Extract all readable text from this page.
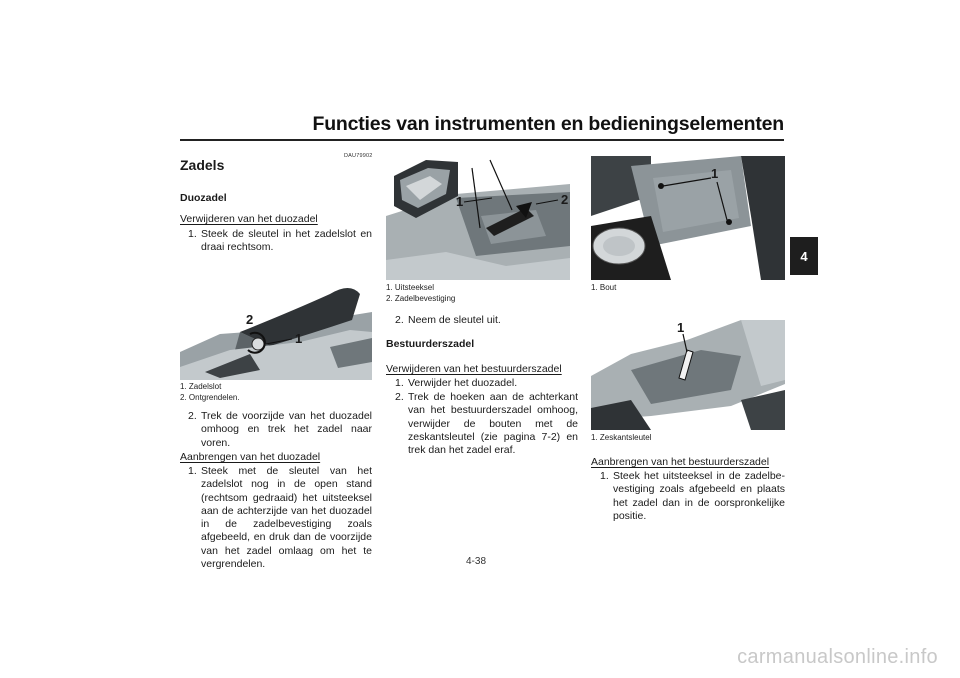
Functies van instrumenten en bedieningselementen
4
DAU79902
Zadels
Duozadel
Verwijderen van het duozadel
1. Steek de sleutel in het zadelslot en draai rechtsom.
2
1
1. Zadelslot
2. Ontgrendelen.
2. Trek de voorzijde van het duozadel omhoog en trek het zadel naar voren.
Aanbrengen van het duozadel
1. Steek met de sleutel van het zadelslot nog in de open stand (rechtsom gedraaid) het uitsteeksel aan de achterzijde van het duozadel in de zadelbevestiging zoals afgebeeld, en druk dan de voorzijde van het zadel omlaag om het te vergrendelen.
1	2
1. Uitsteeksel
2. Zadelbevestiging
2. Neem de sleutel uit.
Bestuurderszadel
Verwijderen van het bestuurderszadel
1. Verwijder het duozadel.
2. Trek de hoeken aan de achterkant van het bestuurderszadel omhoog, verwijder de bouten met de zeskantsleutel (zie pagina 7-2) en trek dan het zadel eraf.
1
1. Bout
1
1. Zeskantsleutel
Aanbrengen van het bestuurderszadel
1. Steek het uitsteeksel in de zadelbevestiging zoals afgebeeld en plaats het zadel dan in de oorspronkelijke positie.
4-38
carmanualsonline.info
